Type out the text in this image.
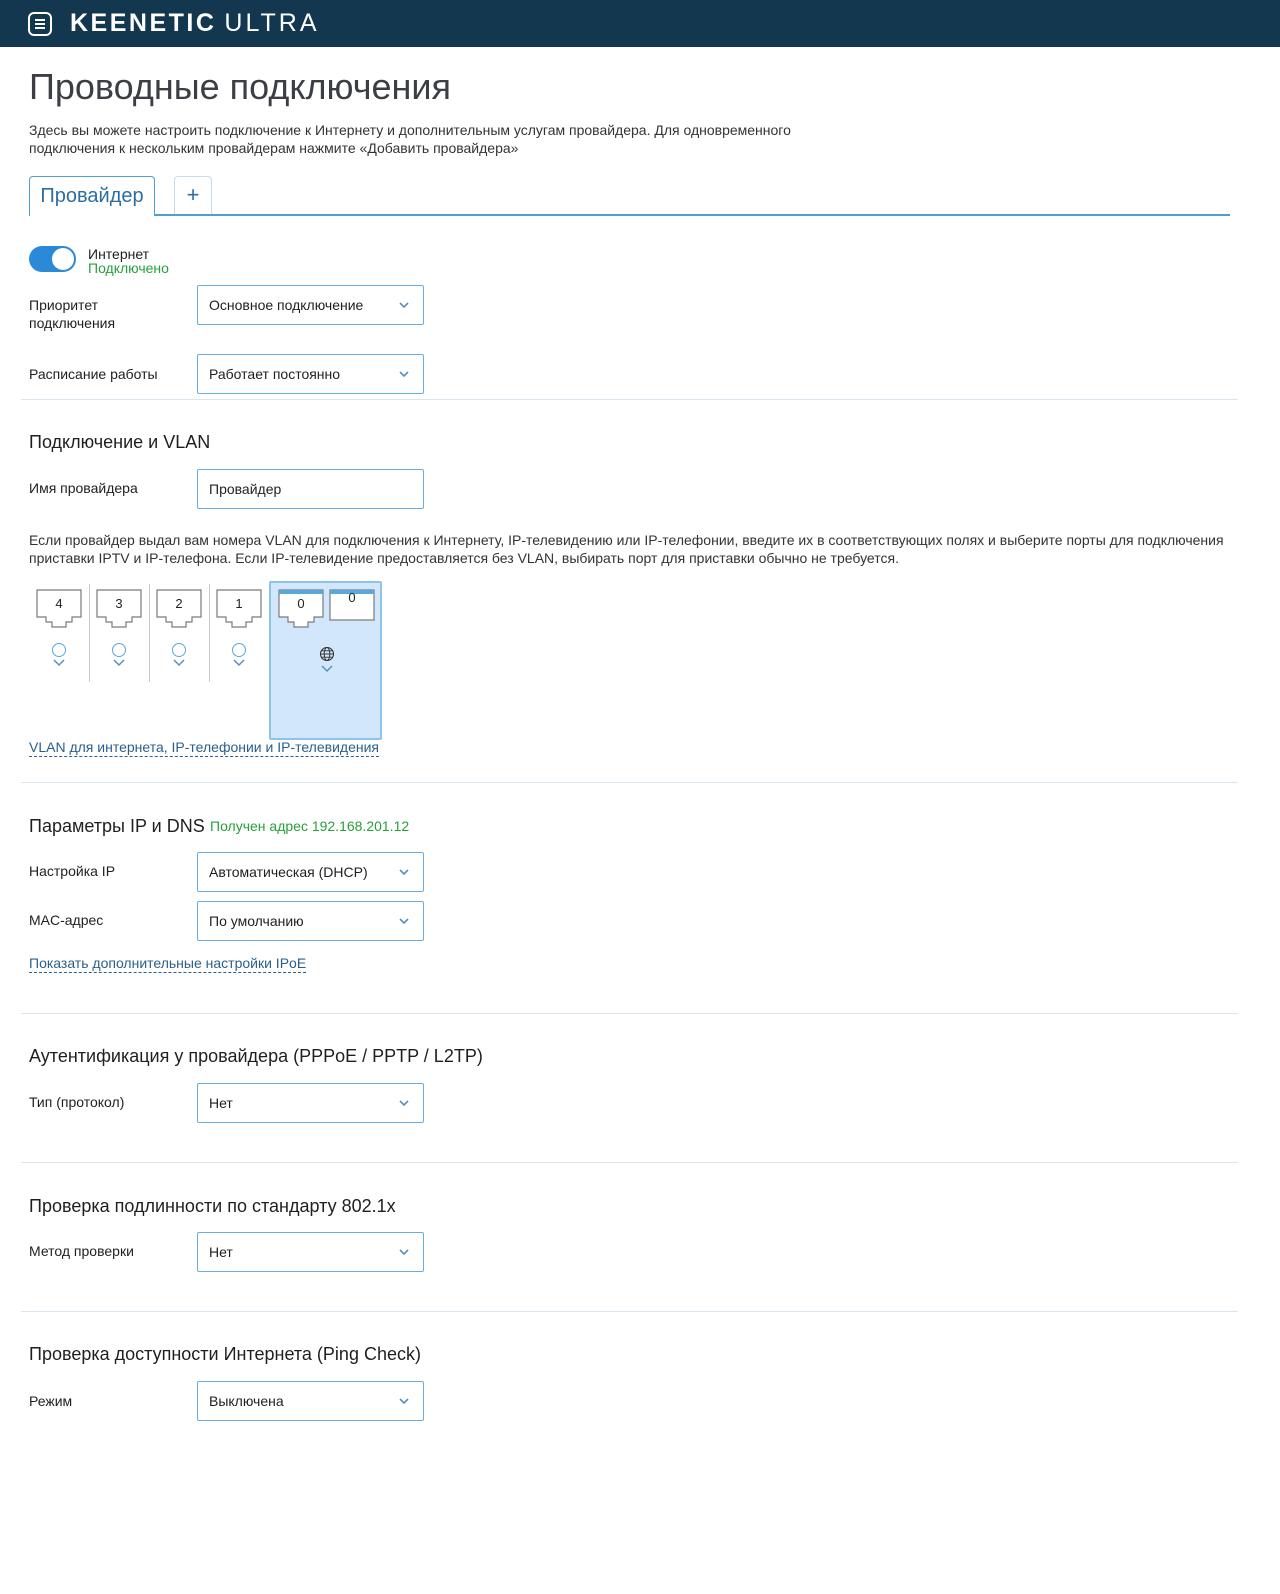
KEENETIC ULTRA
Проводные подключения

Здесь вы можете настроить подключение к Интернету и дополнительным услугам провайдера. Для одновременного подключения к нескольким провайдерам нажмите «Добавить провайдера»

Провайдер	+
Интернет
Подключено
Приоритет подключения
Основное подключение
Расписание работы	Работает постоянно
Подключение и VLAN
Имя провайдера
Провайдер

Если провайдер выдал вам номера VLAN для подключения к Интернету, IP-телевидению или IP-телефонии, введите их в соответствующих полях и выберите порты для подключения приставки IPTV и IP-телефона. Если IP-телевидение предоставляется без VLAN, выбирать порт для приставки обычно не требуется.

4	3	2	1	0	0
VLAN для интернета, IP-телефонии и IP-телевидения
Параметры IP и DNS Получен адрес 192.168.201.12
Настройка IP	Автоматическая (DHCP)
MAC-адрес	По умолчанию
Показать дополнительные настройки IPoE
Аутентификация у провайдера (PPPoE / PPTP / L2TP)
Тип (протокол)	Нет
Проверка подлинности по стандарту 802.1x
Метод проверки	Нет
Проверка доступности Интернета (Ping Check)
Режим	Выключена
